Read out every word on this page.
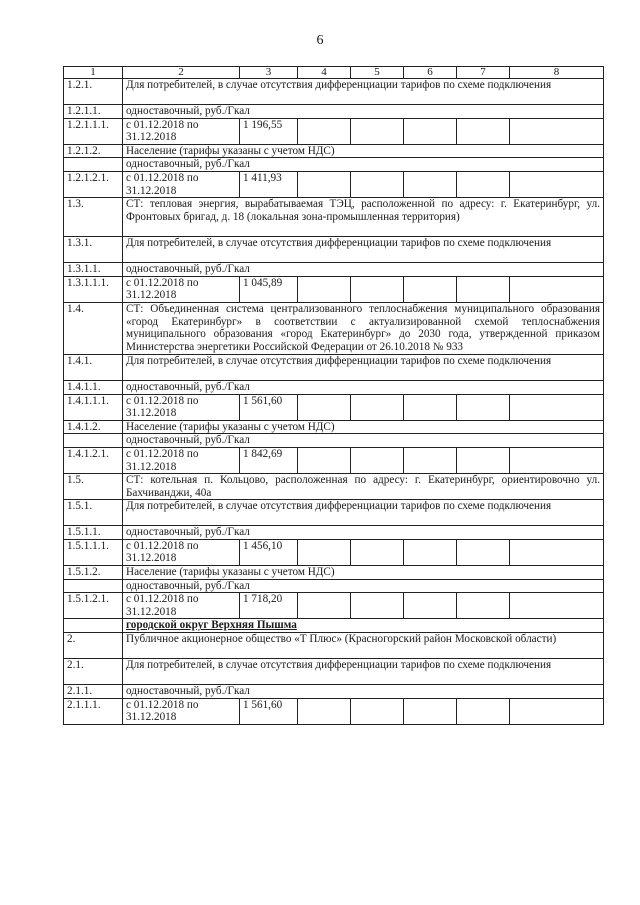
6
1	2	3	4	5	6	7	8
1.2.1.	Для потребителей, в случае отсутствия дифференциации тарифов по схеме подключения						
1.2.1.1.	одноставочный, руб./Гкал						
1.2.1.1.1.	с 01.12.2018 по 31.12.2018	1 196,55					
1.2.1.2.	Население (тарифы указаны с учетом НДС)						
	одноставочный, руб./Гкал						
1.2.1.2.1.	с 01.12.2018 по 31.12.2018	1 411,93					
1.3.	СТ: тепловая энергия, вырабатываемая ТЭЦ, расположенной по адресу: г. Екатеринбург, ул. Фронтовых бригад, д. 18 (локальная зона-промышленная территория)						
1.3.1.	Для потребителей, в случае отсутствия дифференциации тарифов по схеме подключения						
1.3.1.1.	одноставочный, руб./Гкал						
1.3.1.1.1.	с 01.12.2018 по 31.12.2018	1 045,89					
1.4.	СТ: Объединенная система централизованного теплоснабжения муниципального образования «город Екатеринбург» в соответствии с актуализированной схемой теплоснабжения муниципального образования «город Екатеринбург» до 2030 года, утвержденной приказом Министерства энергетики Российской Федерации от 26.10.2018 № 933						
1.4.1.	Для потребителей, в случае отсутствия дифференциации тарифов по схеме подключения						
1.4.1.1.	одноставочный, руб./Гкал						
1.4.1.1.1.	с 01.12.2018 по 31.12.2018	1 561,60					
1.4.1.2.	Население (тарифы указаны с учетом НДС)						
	одноставочный, руб./Гкал						
1.4.1.2.1.	с 01.12.2018 по 31.12.2018	1 842,69					
1.5.	СТ: котельная п. Кольцово, расположенная по адресу: г. Екатеринбург, ориентировочно ул. Бахчиванджи, 40а						
1.5.1.	Для потребителей, в случае отсутствия дифференциации тарифов по схеме подключения						
1.5.1.1.	одноставочный, руб./Гкал						
1.5.1.1.1.	с 01.12.2018 по 31.12.2018	1 456,10					
1.5.1.2.	Население (тарифы указаны с учетом НДС)						
	одноставочный, руб./Гкал						
1.5.1.2.1.	с 01.12.2018 по 31.12.2018	1 718,20					
	городской округ Верхняя Пышма						
2.	Публичное акционерное общество «Т Плюс» (Красногорский район Московской области)						
2.1.	Для потребителей, в случае отсутствия дифференциации тарифов по схеме подключения						
2.1.1.	одноставочный, руб./Гкал						
2.1.1.1.	с 01.12.2018 по 31.12.2018	1 561,60					
